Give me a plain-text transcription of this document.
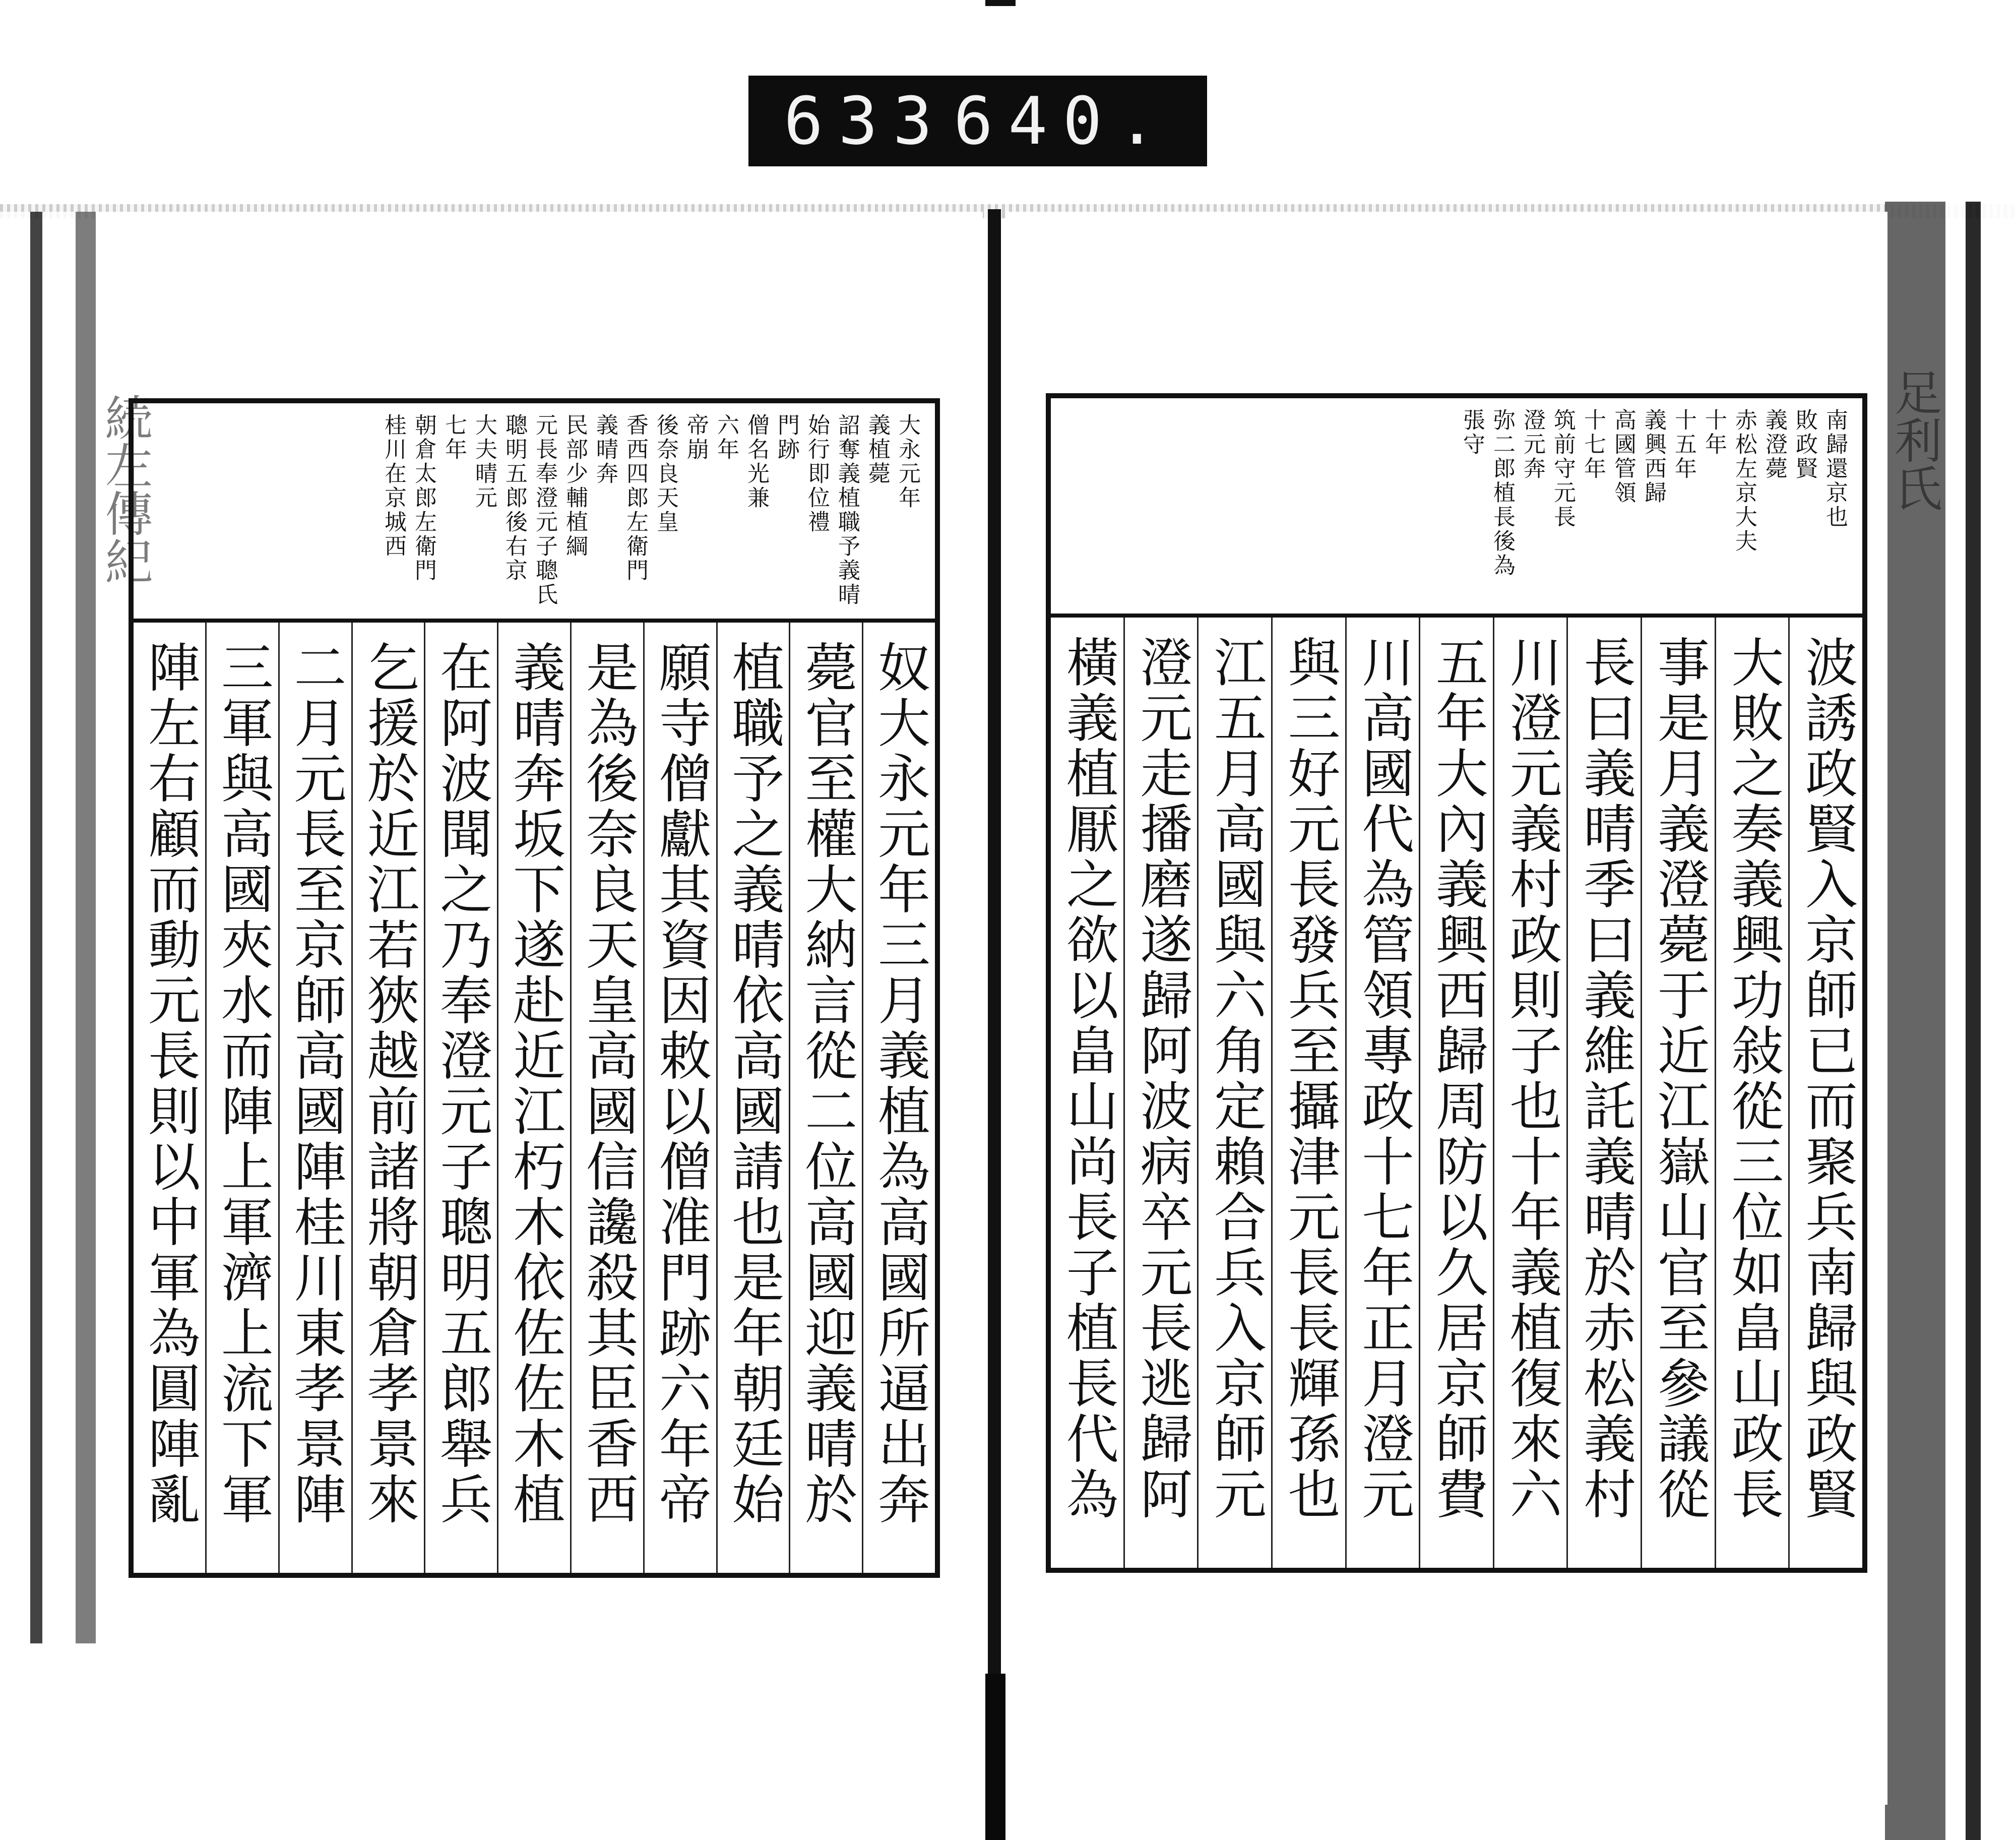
633 640.
続左傳紀	足利氏
大永元年
義植薨
詔奪義植職予義晴
始行即位禮
門跡
僧名光兼
六年
帝崩
後奈良天皇
香西四郎左衛門
義晴奔
民部少輔植綱
元長奉澄元子聰氏
聰明五郎後右京
大夫晴元
七年
朝倉太郎左衛門
桂川在京城西
奴大永元年三月義植為高國所逼出奔
薨官至權大納言從二位高國迎義晴於
植職予之義晴依高國請也是年朝廷始
願寺僧獻其資因敕以僧准門跡六年帝
是為後奈良天皇高國信讒殺其臣香西
義晴奔坂下遂赴近江朽木依佐佐木植
在阿波聞之乃奉澄元子聰明五郎舉兵
乞援於近江若狹越前諸將朝倉孝景來
二月元長至京師高國陣桂川東孝景陣
三軍與高國夾水而陣上軍濟上流下軍
陣左右顧而動元長則以中軍為圓陣亂
南歸還京也
敗政賢
義澄薨
赤松左京大夫
十年
十五年
義興西歸
高國管領
十七年
筑前守元長
澄元奔
弥二郎植長後為
張守
波誘政賢入京師已而聚兵南歸與政賢
大敗之奏義興功敍從三位如畠山政長
事是月義澄薨于近江嶽山官至參議從
長曰義晴季曰義維託義晴於赤松義村
川澄元義村政則子也十年義植復來六
五年大內義興西歸周防以久居京師費
川高國代為管領專政十七年正月澄元
與三好元長發兵至攝津元長長輝孫也
江五月高國與六角定賴合兵入京師元
澄元走播磨遂歸阿波病卒元長逃歸阿
橫義植厭之欲以畠山尚長子植長代為
